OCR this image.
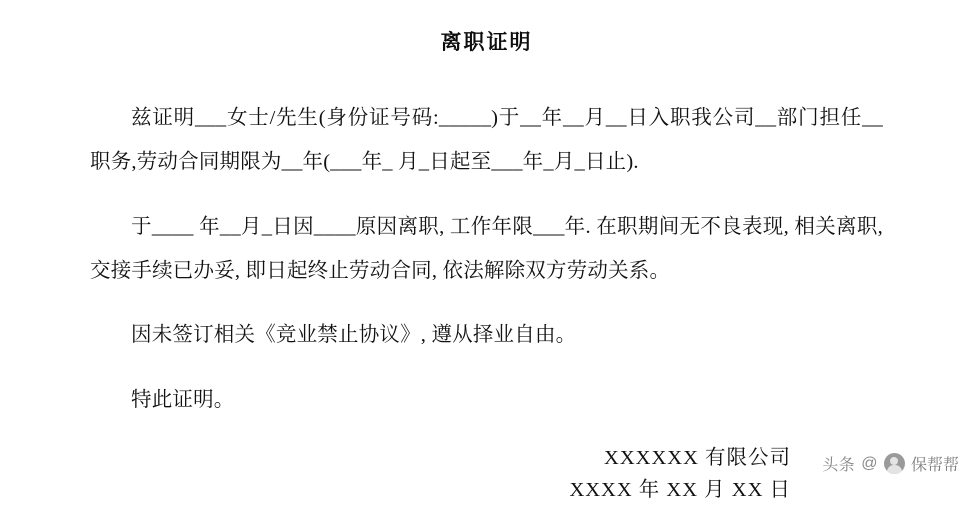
离职证明

兹证明___女士/先生(身份证号码:_____)于__年__月__日入职我公司__部门担任__职务,劳动合同期限为__年(___年_ 月_日起至___年_月_日止).

于____ 年__月_日因____原因离职, 工作年限___年. 在职期间无不良表现, 相关离职, 交接手续已办妥, 即日起终止劳动合同, 依法解除双方劳动关系。

因未签订相关《竞业禁止协议》, 遵从择业自由。

特此证明。

XXXXXX 有限公司
XXXX 年 XX 月 XX 日
头条 @ 保帮帮
